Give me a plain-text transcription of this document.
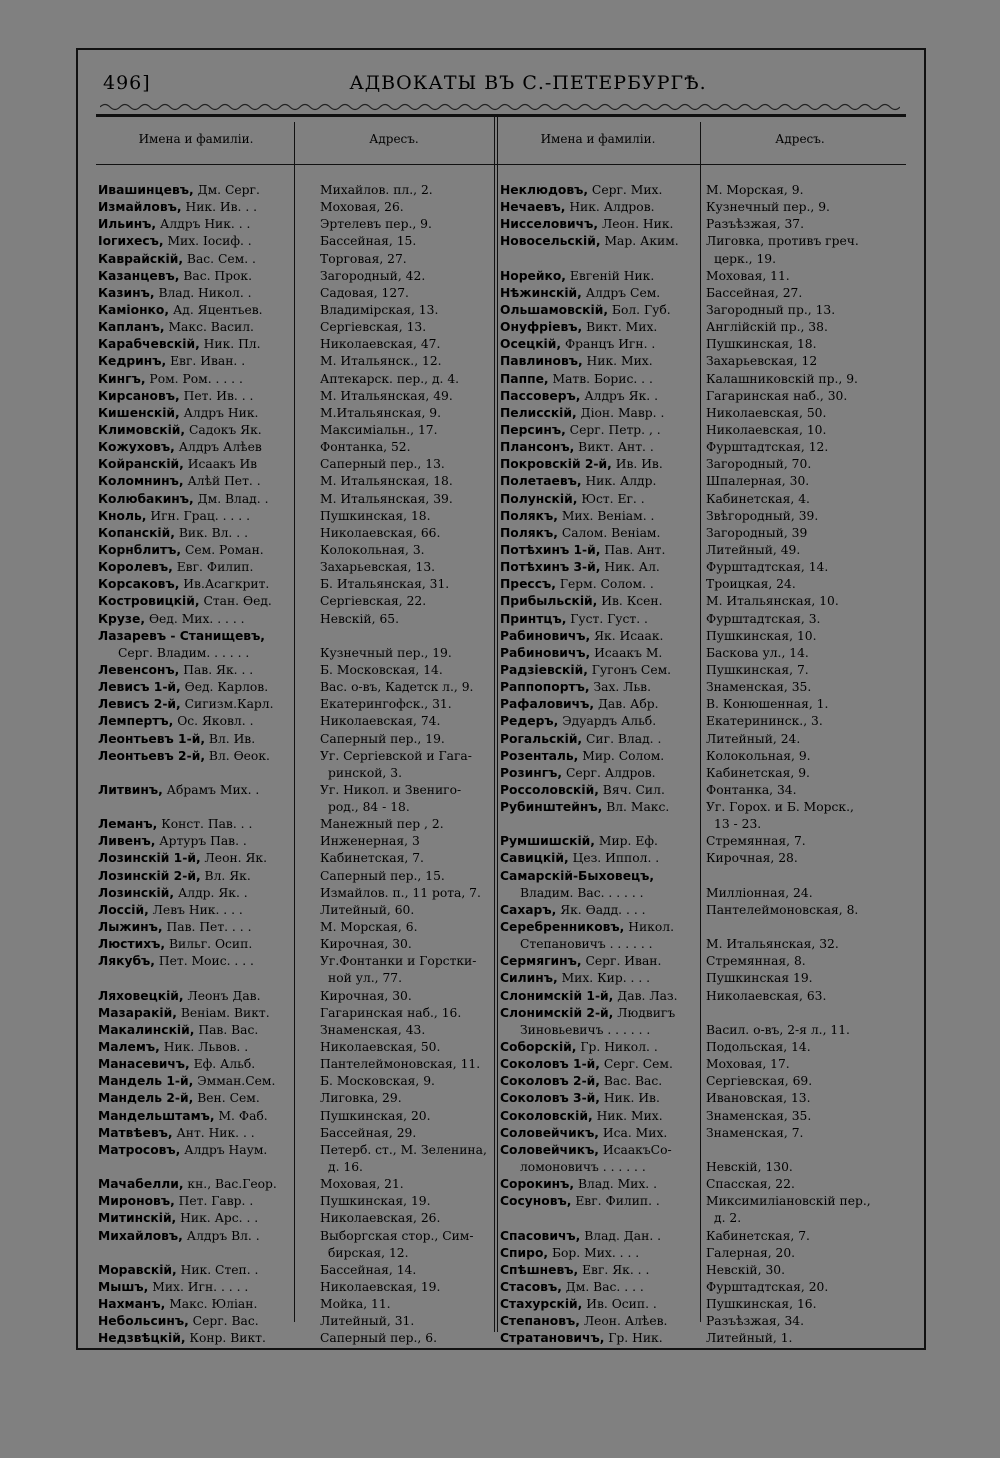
496]	АДВОКАТЫ ВЪ С.-ПЕТЕРБУРГѢ.
Имена и фамиліи.	Адресъ.	Имена и фамиліи.	Адресъ.
Ивашинцевъ, Дм. Серг.	Михайлов. пл., 2.
Измайловъ, Ник. Ив. . .	Моховая, 26.
Ильинъ, Алдръ Ник. . .	Эртелевъ пер., 9.
Іогихесъ, Мих. Іосиф. .	Бассейная, 15.
Каврайскій, Вас. Сем. .	Торговая, 27.
Казанцевъ, Вас. Прок.	Загородный, 42.
Казинъ, Влад. Никол. .	Садовая, 127.
Каміонко, Ад. Яцентьев.	Владимірская, 13.
Капланъ, Макс. Васил.	Сергіевская, 13.
Карабчевскій, Ник. Пл.	Николаевская, 47.
Кедринъ, Евг. Иван. .	М. Итальянск., 12.
Кингъ, Ром. Ром. . . . .	Аптекарск. пер., д. 4.
Кирсановъ, Пет. Ив. . .	М. Итальянская, 49.
Кишенскій, Алдръ Ник.	М.Итальянская, 9.
Климовскій, Садокъ Як.	Максиміальн., 17.
Кожуховъ, Алдръ Алѣев	Фонтанка, 52.
Койранскій, Исаакъ Ив	Саперный пер., 13.
Коломнинъ, Алѣй Пет. .	М. Итальянская, 18.
Колюбакинъ, Дм. Влад. .	М. Итальянская, 39.
Кноль, Игн. Грац. . . . .	Пушкинская, 18.
Копанскій, Вик. Вл. . .	Николаевская, 66.
Корнблитъ, Сем. Роман.	Колокольная, 3.
Королевъ, Евг. Филип.	Захарьевская, 13.
Корсаковъ, Ив.Асагкрит.	Б. Итальянская, 31.
Костровицкій, Стан. Ѳед.	Сергіевская, 22.
Крузе, Ѳед. Мих. . . . .	Невскій, 65.
Лазаревъ - Станищевъ,
Серг. Владим. . . . . .	Кузнечный пер., 19.
Левенсонъ, Пав. Як. . .	Б. Московская, 14.
Левисъ 1-й, Ѳед. Карлов.	Вас. о-въ, Кадетск л., 9.
Левисъ 2-й, Сигизм.Карл.	Екатерингофск., 31.
Лемпертъ, Ос. Яковл. .	Николаевская, 74.
Леонтьевъ 1-й, Вл. Ив.	Саперный пер., 19.
Леонтьевъ 2-й, Вл. Ѳеок.	Уг. Сергіевской и Гага-
ринской, 3.
Литвинъ, Абрамъ Мих. .	Уг. Никол. и Звениго-
род., 84 - 18.
Леманъ, Конст. Пав. . .	Манежный пер , 2.
Ливенъ, Артуръ Пав. .	Инженерная, 3
Лозинскій 1-й, Леон. Як.	Кабинетская, 7.
Лозинскій 2-й, Вл. Як.	Саперный пер., 15.
Лозинскій, Алдр. Як. .	Измайлов. п., 11 рота, 7.
Лоссій, Левъ Ник. . . .	Литейный, 60.
Лыжинъ, Пав. Пет. . . .	М. Морская, 6.
Люстихъ, Вильг. Осип.	Кирочная, 30.
Лякубъ, Пет. Моис. . . .	Уг.Фонтанки и Горстки-
ной ул., 77.
Ляховецкій, Леонъ Дав.	Кирочная, 30.
Мазаракій, Веніам. Викт.	Гагаринская наб., 16.
Макалинскій, Пав. Вас.	Знаменская, 43.
Малемъ, Ник. Львов. .	Николаевская, 50.
Манасевичъ, Еф. Альб.	Пантелеймоновская, 11.
Мандель 1-й, Эмман.Сем.	Б. Московская, 9.
Мандель 2-й, Вен. Сем.	Лиговка, 29.
Мандельштамъ, М. Фаб.	Пушкинская, 20.
Матвѣевъ, Ант. Ник. . .	Бассейная, 29.
Матросовъ, Алдръ Наум.	Петерб. ст., М. Зеленина,
д. 16.
Мачабелли, кн., Вас.Геор.	Моховая, 21.
Мироновъ, Пет. Гавр. .	Пушкинская, 19.
Митинскій, Ник. Арс. . .	Николаевская, 26.
Михайловъ, Алдръ Вл. .	Выборгская стор., Сим-
бирская, 12.
Моравскій, Ник. Степ. .	Бассейная, 14.
Мышъ, Мих. Игн. . . . .	Николаевская, 19.
Нахманъ, Макс. Юліан.	Мойка, 11.
Небольсинъ, Серг. Вас.	Литейный, 31.
Недзвѣцкій, Конр. Викт.	Саперный пер., 6.
Неклюдовъ, Серг. Мих.	М. Морская, 9.
Нечаевъ, Ник. Алдров.	Кузнечный пер., 9.
Нисселовичъ, Леон. Ник.	Разъѣзжая, 37.
Новосельскій, Мар. Аким.	Лиговка, противъ греч.
церк., 19.
Норейко, Евгеній Ник.	Моховая, 11.
Нѣжинскій, Алдръ Сем.	Бассейная, 27.
Ольшамовскій, Бол. Губ.	Загородный пр., 13.
Онуфріевъ, Викт. Мих.	Англійскій пр., 38.
Осецкій, Францъ Игн. .	Пушкинская, 18.
Павлиновъ, Ник. Мих.	Захарьевская, 12
Паппе, Матв. Борис. . .	Калашниковскій пр., 9.
Пассоверъ, Алдръ Як. .	Гагаринская наб., 30.
Пелисскій, Діон. Мавр. .	Николаевская, 50.
Персинъ, Серг. Петр. , .	Николаевская, 10.
Плансонъ, Викт. Ант. .	Фурштадтская, 12.
Покровскій 2-й, Ив. Ив.	Загородный, 70.
Полетаевъ, Ник. Алдр.	Шпалерная, 30.
Полунскій, Юст. Ег. .	Кабинетская, 4.
Полякъ, Мих. Веніам. .	Звѣгородный, 39.
Полякъ, Салом. Веніам.	Загородный, 39
Потѣхинъ 1-й, Пав. Ант.	Литейный, 49.
Потѣхинъ 3-й, Ник. Ал.	Фурштадтская, 14.
Прессъ, Герм. Солом. .	Троицкая, 24.
Прибыльскій, Ив. Ксен.	М. Итальянская, 10.
Принтцъ, Густ. Густ. .	Фурштадтская, 3.
Рабиновичъ, Як. Исаак.	Пушкинская, 10.
Рабиновичъ, Исаакъ М.	Баскова ул., 14.
Радзіевскій, Гугонъ Сем.	Пушкинская, 7.
Раппопортъ, Зах. Льв.	Знаменская, 35.
Рафаловичъ, Дав. Абр.	В. Конюшенная, 1.
Редеръ, Эдуардъ Альб.	Екатерининск., 3.
Рогальскій, Сиг. Влад. .	Литейный, 24.
Розенталь, Мир. Солом.	Колокольная, 9.
Розингъ, Серг. Алдров.	Кабинетская, 9.
Россоловскій, Вяч. Сил.	Фонтанка, 34.
Рубинштейнъ, Вл. Макс.	Уг. Горох. и Б. Морск.,
13 - 23.
Румшишскій, Мир. Еф.	Стремянная, 7.
Савицкій, Цез. Иппол. .	Кирочная, 28.
Самарскій-Быховецъ,
Владим. Вас. . . . . .	Милліонная, 24.
Сахаръ, Як. Ѳадд. . . .	Пантелеймоновская, 8.
Серебренниковъ, Никол.
Степановичъ . . . . . .	М. Итальянская, 32.
Сермягинъ, Серг. Иван.	Стремянная, 8.
Силинъ, Мих. Кир. . . .	Пушкинская 19.
Слонимскій 1-й, Дав. Лаз.	Николаевская, 63.
Слонимскій 2-й, Людвигъ
Зиновьевичъ . . . . . .	Васил. о-въ, 2-я л., 11.
Соборскій, Гр. Никол. .	Подольская, 14.
Соколовъ 1-й, Серг. Сем.	Моховая, 17.
Соколовъ 2-й, Вас. Вас.	Сергіевская, 69.
Соколовъ 3-й, Ник. Ив.	Ивановская, 13.
Соколовскій, Ник. Мих.	Знаменская, 35.
Соловейчикъ, Иса. Мих.	Знаменская, 7.
Соловейчикъ, ИсаакъСо-
ломоновичъ . . . . . .	Невскій, 130.
Сорокинъ, Влад. Мих. .	Спасская, 22.
Сосуновъ, Евг. Филип. .	Миксимиліановскій пер.,
д. 2.
Спасовичъ, Влад. Дан. .	Кабинетская, 7.
Спиро, Бор. Мих. . . .	Галерная, 20.
Спѣшневъ, Евг. Як. . .	Невскій, 30.
Стасовъ, Дм. Вас. . . .	Фурштадтская, 20.
Стахурскій, Ив. Осип. .	Пушкинская, 16.
Степановъ, Леон. Алѣев.	Разъѣзжая, 34.
Стратановичъ, Гр. Ник.	Литейный, 1.
